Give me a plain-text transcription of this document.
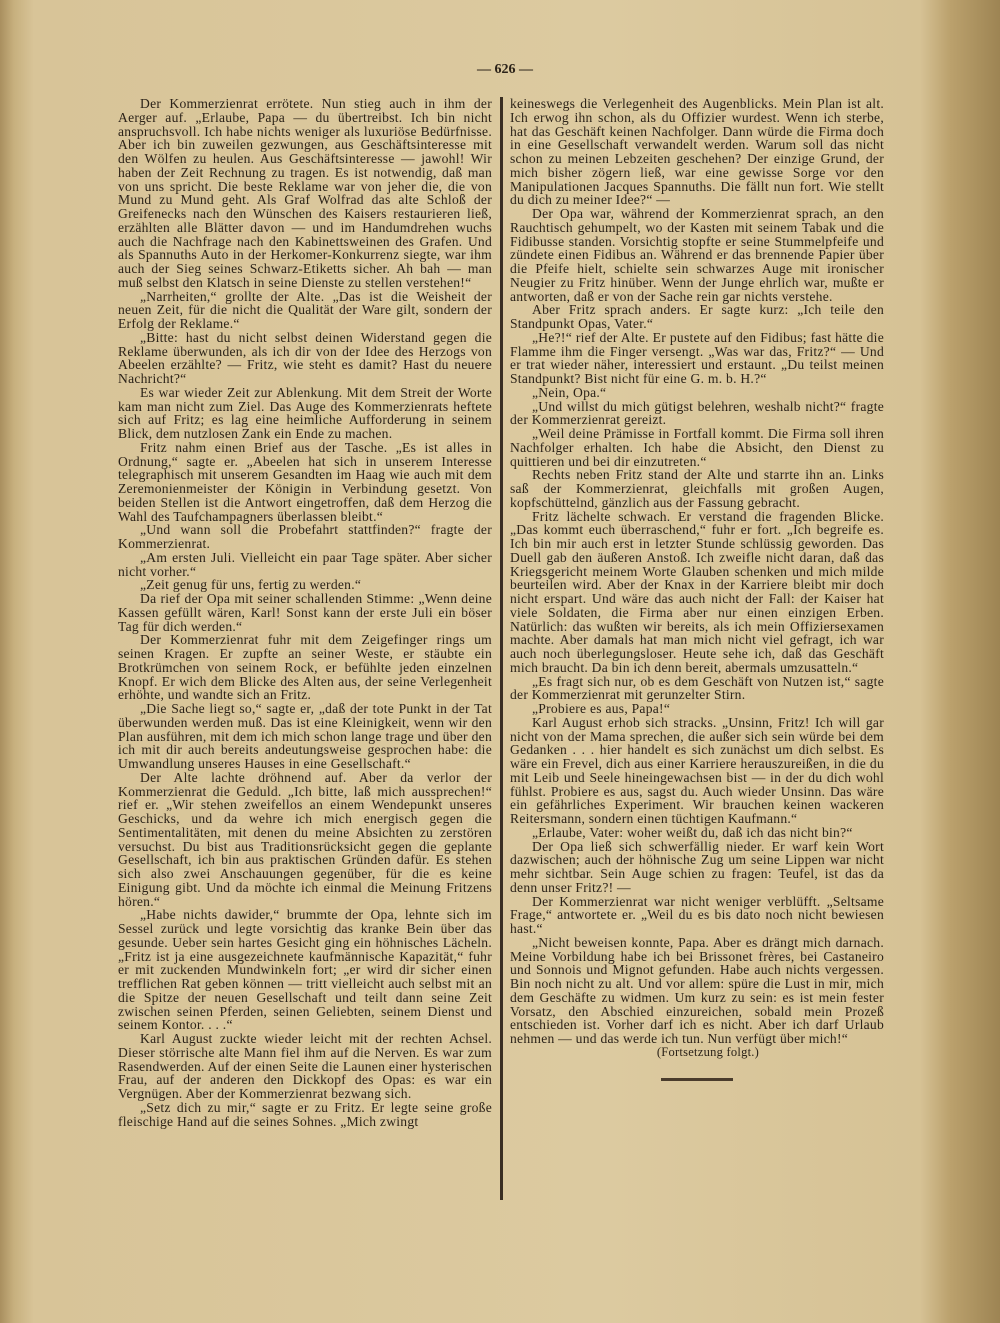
— 626 —

Der Kommerzienrat errötete. Nun stieg auch in ihm der Aerger auf. „Erlaube, Papa — du übertreibst. Ich bin nicht anspruchsvoll. Ich habe nichts weniger als luxuriöse Bedürfnisse. Aber ich bin zuweilen gezwungen, aus Geschäftsinteresse mit den Wölfen zu heulen. Aus Geschäftsinteresse — jawohl! Wir haben der Zeit Rechnung zu tragen. Es ist notwendig, daß man von uns spricht. Die beste Reklame war von jeher die, die von Mund zu Mund geht. Als Graf Wolfrad das alte Schloß der Greifenecks nach den Wünschen des Kaisers restaurieren ließ, erzählten alle Blätter davon — und im Handumdrehen wuchs auch die Nachfrage nach den Kabinettsweinen des Grafen. Und als Spannuths Auto in der Herkomer-Konkurrenz siegte, war ihm auch der Sieg seines Schwarz-Etiketts sicher. Ah bah — man muß selbst den Klatsch in seine Dienste zu stellen verstehen!“

„Narrheiten,“ grollte der Alte. „Das ist die Weisheit der neuen Zeit, für die nicht die Qualität der Ware gilt, sondern der Erfolg der Reklame.“

„Bitte: hast du nicht selbst deinen Widerstand gegen die Reklame überwunden, als ich dir von der Idee des Herzogs von Abeelen erzählte? — Fritz, wie steht es damit? Hast du neuere Nachricht?“

Es war wieder Zeit zur Ablenkung. Mit dem Streit der Worte kam man nicht zum Ziel. Das Auge des Kommerzienrats heftete sich auf Fritz; es lag eine heimliche Aufforderung in seinem Blick, dem nutzlosen Zank ein Ende zu machen.

Fritz nahm einen Brief aus der Tasche. „Es ist alles in Ordnung,“ sagte er. „Abeelen hat sich in unserem Interesse telegraphisch mit unserem Gesandten im Haag wie auch mit dem Zeremonienmeister der Königin in Verbindung gesetzt. Von beiden Stellen ist die Antwort eingetroffen, daß dem Herzog die Wahl des Taufchampagners überlassen bleibt.“

„Und wann soll die Probefahrt stattfinden?“ fragte der Kommerzienrat.

„Am ersten Juli. Vielleicht ein paar Tage später. Aber sicher nicht vorher.“

„Zeit genug für uns, fertig zu werden.“

Da rief der Opa mit seiner schallenden Stimme: „Wenn deine Kassen gefüllt wären, Karl! Sonst kann der erste Juli ein böser Tag für dich werden.“

Der Kommerzienrat fuhr mit dem Zeigefinger rings um seinen Kragen. Er zupfte an seiner Weste, er stäubte ein Brotkrümchen von seinem Rock, er befühlte jeden einzelnen Knopf. Er wich dem Blicke des Alten aus, der seine Verlegenheit erhöhte, und wandte sich an Fritz.

„Die Sache liegt so,“ sagte er, „daß der tote Punkt in der Tat überwunden werden muß. Das ist eine Kleinigkeit, wenn wir den Plan ausführen, mit dem ich mich schon lange trage und über den ich mit dir auch bereits andeutungsweise gesprochen habe: die Umwandlung unseres Hauses in eine Gesellschaft.“

Der Alte lachte dröhnend auf. Aber da verlor der Kommerzienrat die Geduld. „Ich bitte, laß mich aussprechen!“ rief er. „Wir stehen zweifellos an einem Wendepunkt unseres Geschicks, und da wehre ich mich energisch gegen die Sentimentalitäten, mit denen du meine Absichten zu zerstören versuchst. Du bist aus Traditionsrücksicht gegen die geplante Gesellschaft, ich bin aus praktischen Gründen dafür. Es stehen sich also zwei Anschauungen gegenüber, für die es keine Einigung gibt. Und da möchte ich einmal die Meinung Fritzens hören.“

„Habe nichts dawider,“ brummte der Opa, lehnte sich im Sessel zurück und legte vorsichtig das kranke Bein über das gesunde. Ueber sein hartes Gesicht ging ein höhnisches Lächeln. „Fritz ist ja eine ausgezeichnete kaufmännische Kapazität,“ fuhr er mit zuckenden Mundwinkeln fort; „er wird dir sicher einen trefflichen Rat geben können — tritt vielleicht auch selbst mit an die Spitze der neuen Gesellschaft und teilt dann seine Zeit zwischen seinen Pferden, seinen Geliebten, seinem Dienst und seinem Kontor. . . .“

Karl August zuckte wieder leicht mit der rechten Achsel. Dieser störrische alte Mann fiel ihm auf die Nerven. Es war zum Rasendwerden. Auf der einen Seite die Launen einer hysterischen Frau, auf der anderen den Dickkopf des Opas: es war ein Vergnügen. Aber der Kommerzienrat bezwang sich.

„Setz dich zu mir,“ sagte er zu Fritz. Er legte seine große fleischige Hand auf die seines Sohnes. „Mich zwingt

keineswegs die Verlegenheit des Augenblicks. Mein Plan ist alt. Ich erwog ihn schon, als du Offizier wurdest. Wenn ich sterbe, hat das Geschäft keinen Nachfolger. Dann würde die Firma doch in eine Gesellschaft verwandelt werden. Warum soll das nicht schon zu meinen Lebzeiten geschehen? Der einzige Grund, der mich bisher zögern ließ, war eine gewisse Sorge vor den Manipulationen Jacques Spannuths. Die fällt nun fort. Wie stellt du dich zu meiner Idee?“ —

Der Opa war, während der Kommerzienrat sprach, an den Rauchtisch gehumpelt, wo der Kasten mit seinem Tabak und die Fidibusse standen. Vorsichtig stopfte er seine Stummelpfeife und zündete einen Fidibus an. Während er das brennende Papier über die Pfeife hielt, schielte sein schwarzes Auge mit ironischer Neugier zu Fritz hinüber. Wenn der Junge ehrlich war, mußte er antworten, daß er von der Sache rein gar nichts verstehe.

Aber Fritz sprach anders. Er sagte kurz: „Ich teile den Standpunkt Opas, Vater.“

„He?!“ rief der Alte. Er pustete auf den Fidibus; fast hätte die Flamme ihm die Finger versengt. „Was war das, Fritz?“ — Und er trat wieder näher, interessiert und erstaunt. „Du teilst meinen Standpunkt? Bist nicht für eine G. m. b. H.?“

„Nein, Opa.“

„Und willst du mich gütigst belehren, weshalb nicht?“ fragte der Kommerzienrat gereizt.

„Weil deine Prämisse in Fortfall kommt. Die Firma soll ihren Nachfolger erhalten. Ich habe die Absicht, den Dienst zu quittieren und bei dir einzutreten.“

Rechts neben Fritz stand der Alte und starrte ihn an. Links saß der Kommerzienrat, gleichfalls mit großen Augen, kopfschüttelnd, gänzlich aus der Fassung gebracht.

Fritz lächelte schwach. Er verstand die fragenden Blicke. „Das kommt euch überraschend,“ fuhr er fort. „Ich begreife es. Ich bin mir auch erst in letzter Stunde schlüssig geworden. Das Duell gab den äußeren Anstoß. Ich zweifle nicht daran, daß das Kriegsgericht meinem Worte Glauben schenken und mich milde beurteilen wird. Aber der Knax in der Karriere bleibt mir doch nicht erspart. Und wäre das auch nicht der Fall: der Kaiser hat viele Soldaten, die Firma aber nur einen einzigen Erben. Natürlich: das wußten wir bereits, als ich mein Offiziersexamen machte. Aber damals hat man mich nicht viel gefragt, ich war auch noch überlegungsloser. Heute sehe ich, daß das Geschäft mich braucht. Da bin ich denn bereit, abermals umzusatteln.“

„Es fragt sich nur, ob es dem Geschäft von Nutzen ist,“ sagte der Kommerzienrat mit gerunzelter Stirn.

„Probiere es aus, Papa!“

Karl August erhob sich stracks. „Unsinn, Fritz! Ich will gar nicht von der Mama sprechen, die außer sich sein würde bei dem Gedanken . . . hier handelt es sich zunächst um dich selbst. Es wäre ein Frevel, dich aus einer Karriere herauszureißen, in die du mit Leib und Seele hineingewachsen bist — in der du dich wohl fühlst. Probiere es aus, sagst du. Auch wieder Unsinn. Das wäre ein gefährliches Experiment. Wir brauchen keinen wackeren Reitersmann, sondern einen tüchtigen Kaufmann.“

„Erlaube, Vater: woher weißt du, daß ich das nicht bin?“

Der Opa ließ sich schwerfällig nieder. Er warf kein Wort dazwischen; auch der höhnische Zug um seine Lippen war nicht mehr sichtbar. Sein Auge schien zu fragen: Teufel, ist das da denn unser Fritz?! —

Der Kommerzienrat war nicht weniger verblüfft. „Seltsame Frage,“ antwortete er. „Weil du es bis dato noch nicht bewiesen hast.“

„Nicht beweisen konnte, Papa. Aber es drängt mich darnach. Meine Vorbildung habe ich bei Brissonet frères, bei Castaneiro und Sonnois und Mignot gefunden. Habe auch nichts vergessen. Bin noch nicht zu alt. Und vor allem: spüre die Lust in mir, mich dem Geschäfte zu widmen. Um kurz zu sein: es ist mein fester Vorsatz, den Abschied einzureichen, sobald mein Prozeß entschieden ist. Vorher darf ich es nicht. Aber ich darf Urlaub nehmen — und das werde ich tun. Nun verfügt über mich!“

(Fortsetzung folgt.)
